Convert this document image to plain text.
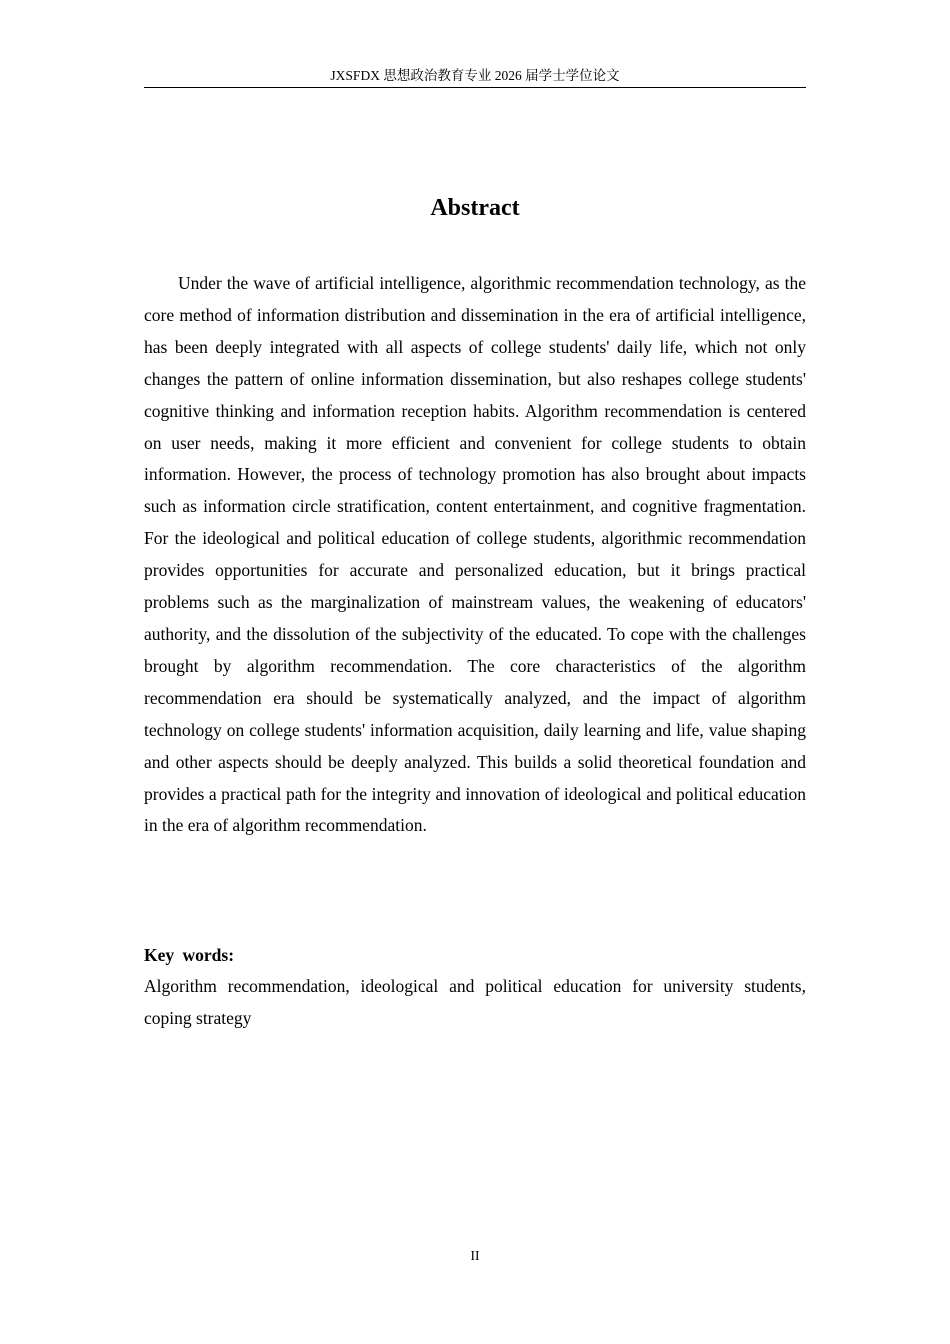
JXSFDX 思想政治教育专业 2026 届学士学位论文
Abstract

Under the wave of artificial intelligence, algorithmic recommendation technology, as the core method of information distribution and dissemination in the era of artificial intelligence, has been deeply integrated with all aspects of college students' daily life, which not only changes the pattern of online information dissemination, but also reshapes college students' cognitive thinking and information reception habits. Algorithm recommendation is centered on user needs, making it more efficient and convenient for college students to obtain information. However, the process of technology promotion has also brought about impacts such as information circle stratification, content entertainment, and cognitive fragmentation. For the ideological and political education of college students, algorithmic recommendation provides opportunities for accurate and personalized education, but it brings practical problems such as the marginalization of mainstream values, the weakening of educators' authority, and the dissolution of the subjectivity of the educated. To cope with the challenges brought by algorithm recommendation. The core characteristics of the algorithm recommendation era should be systematically analyzed, and the impact of algorithm technology on college students' information acquisition, daily learning and life, value shaping and other aspects should be deeply analyzed. This builds a solid theoretical foundation and provides a practical path for the integrity and innovation of ideological and political education in the era of algorithm recommendation.

Key words:

Algorithm recommendation, ideological and political education for university students, coping strategy

II
